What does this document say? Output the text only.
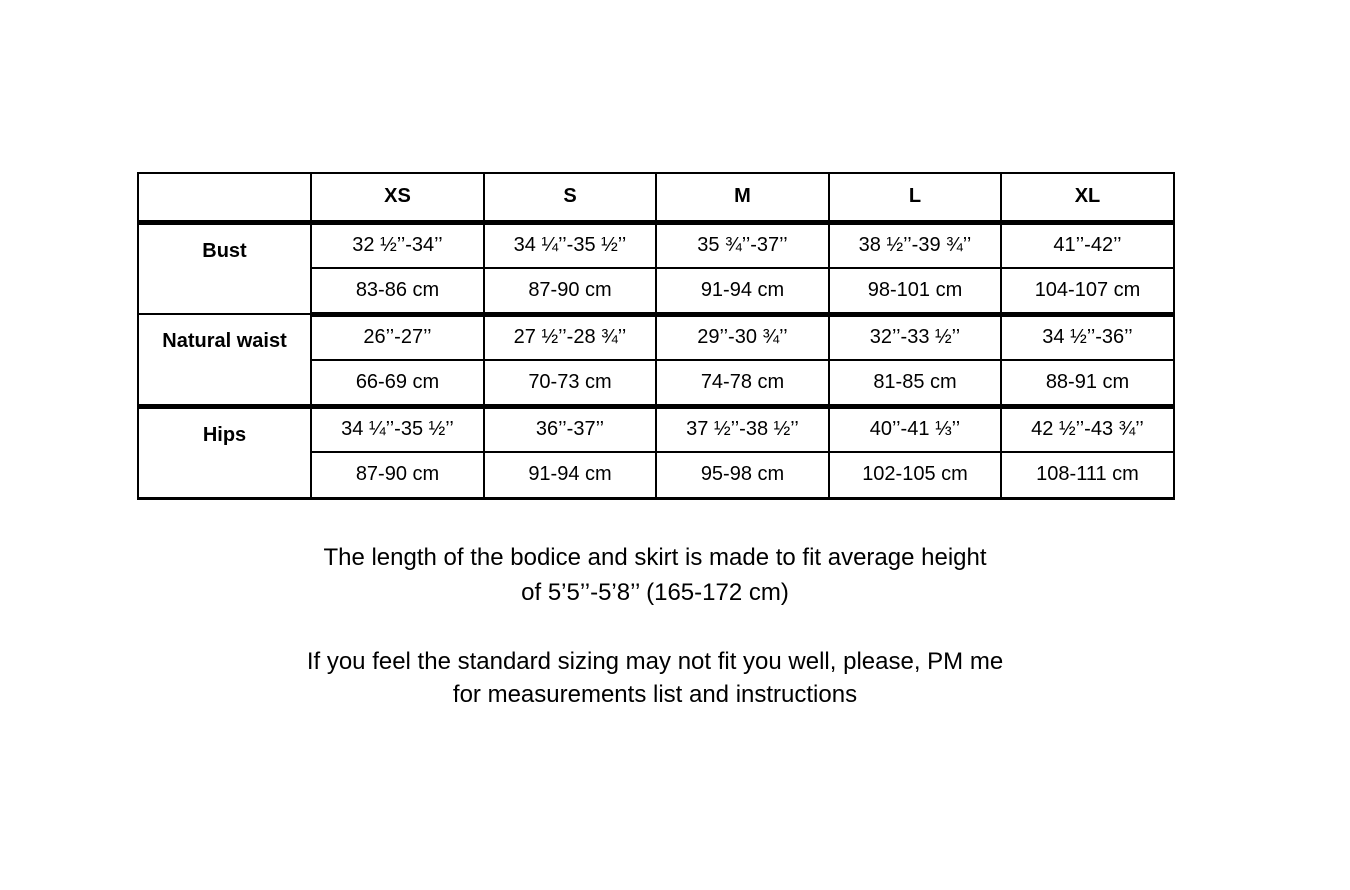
	XS	S	M	L	XL
Bust	32 ½’’-34’’	34 ¼’’-35 ½’’	35 ¾’’-37’’	38 ½’’-39 ¾’’	41’’-42’’
	83-86 cm	87-90 cm	91-94 cm	98-101 cm	104-107 cm
Natural waist	26’’-27’’	27 ½’’-28 ¾’’	29’’-30 ¾’’	32’’-33 ½’’	34 ½’’-36’’
	66-69 cm	70-73 cm	74-78 cm	81-85 cm	88-91 cm
Hips	34 ¼’’-35 ½’’	36’’-37’’	37 ½’’-38 ½’’	40’’-41 ⅓’’	42 ½’’-43 ¾’’
	87-90 cm	91-94 cm	95-98 cm	102-105 cm	108-111 cm
The length of the bodice and skirt is made to fit average height
of 5’5’’-5’8’’ (165-172 cm)
If you feel the standard sizing may not fit you well, please, PM me
for measurements list and instructions
